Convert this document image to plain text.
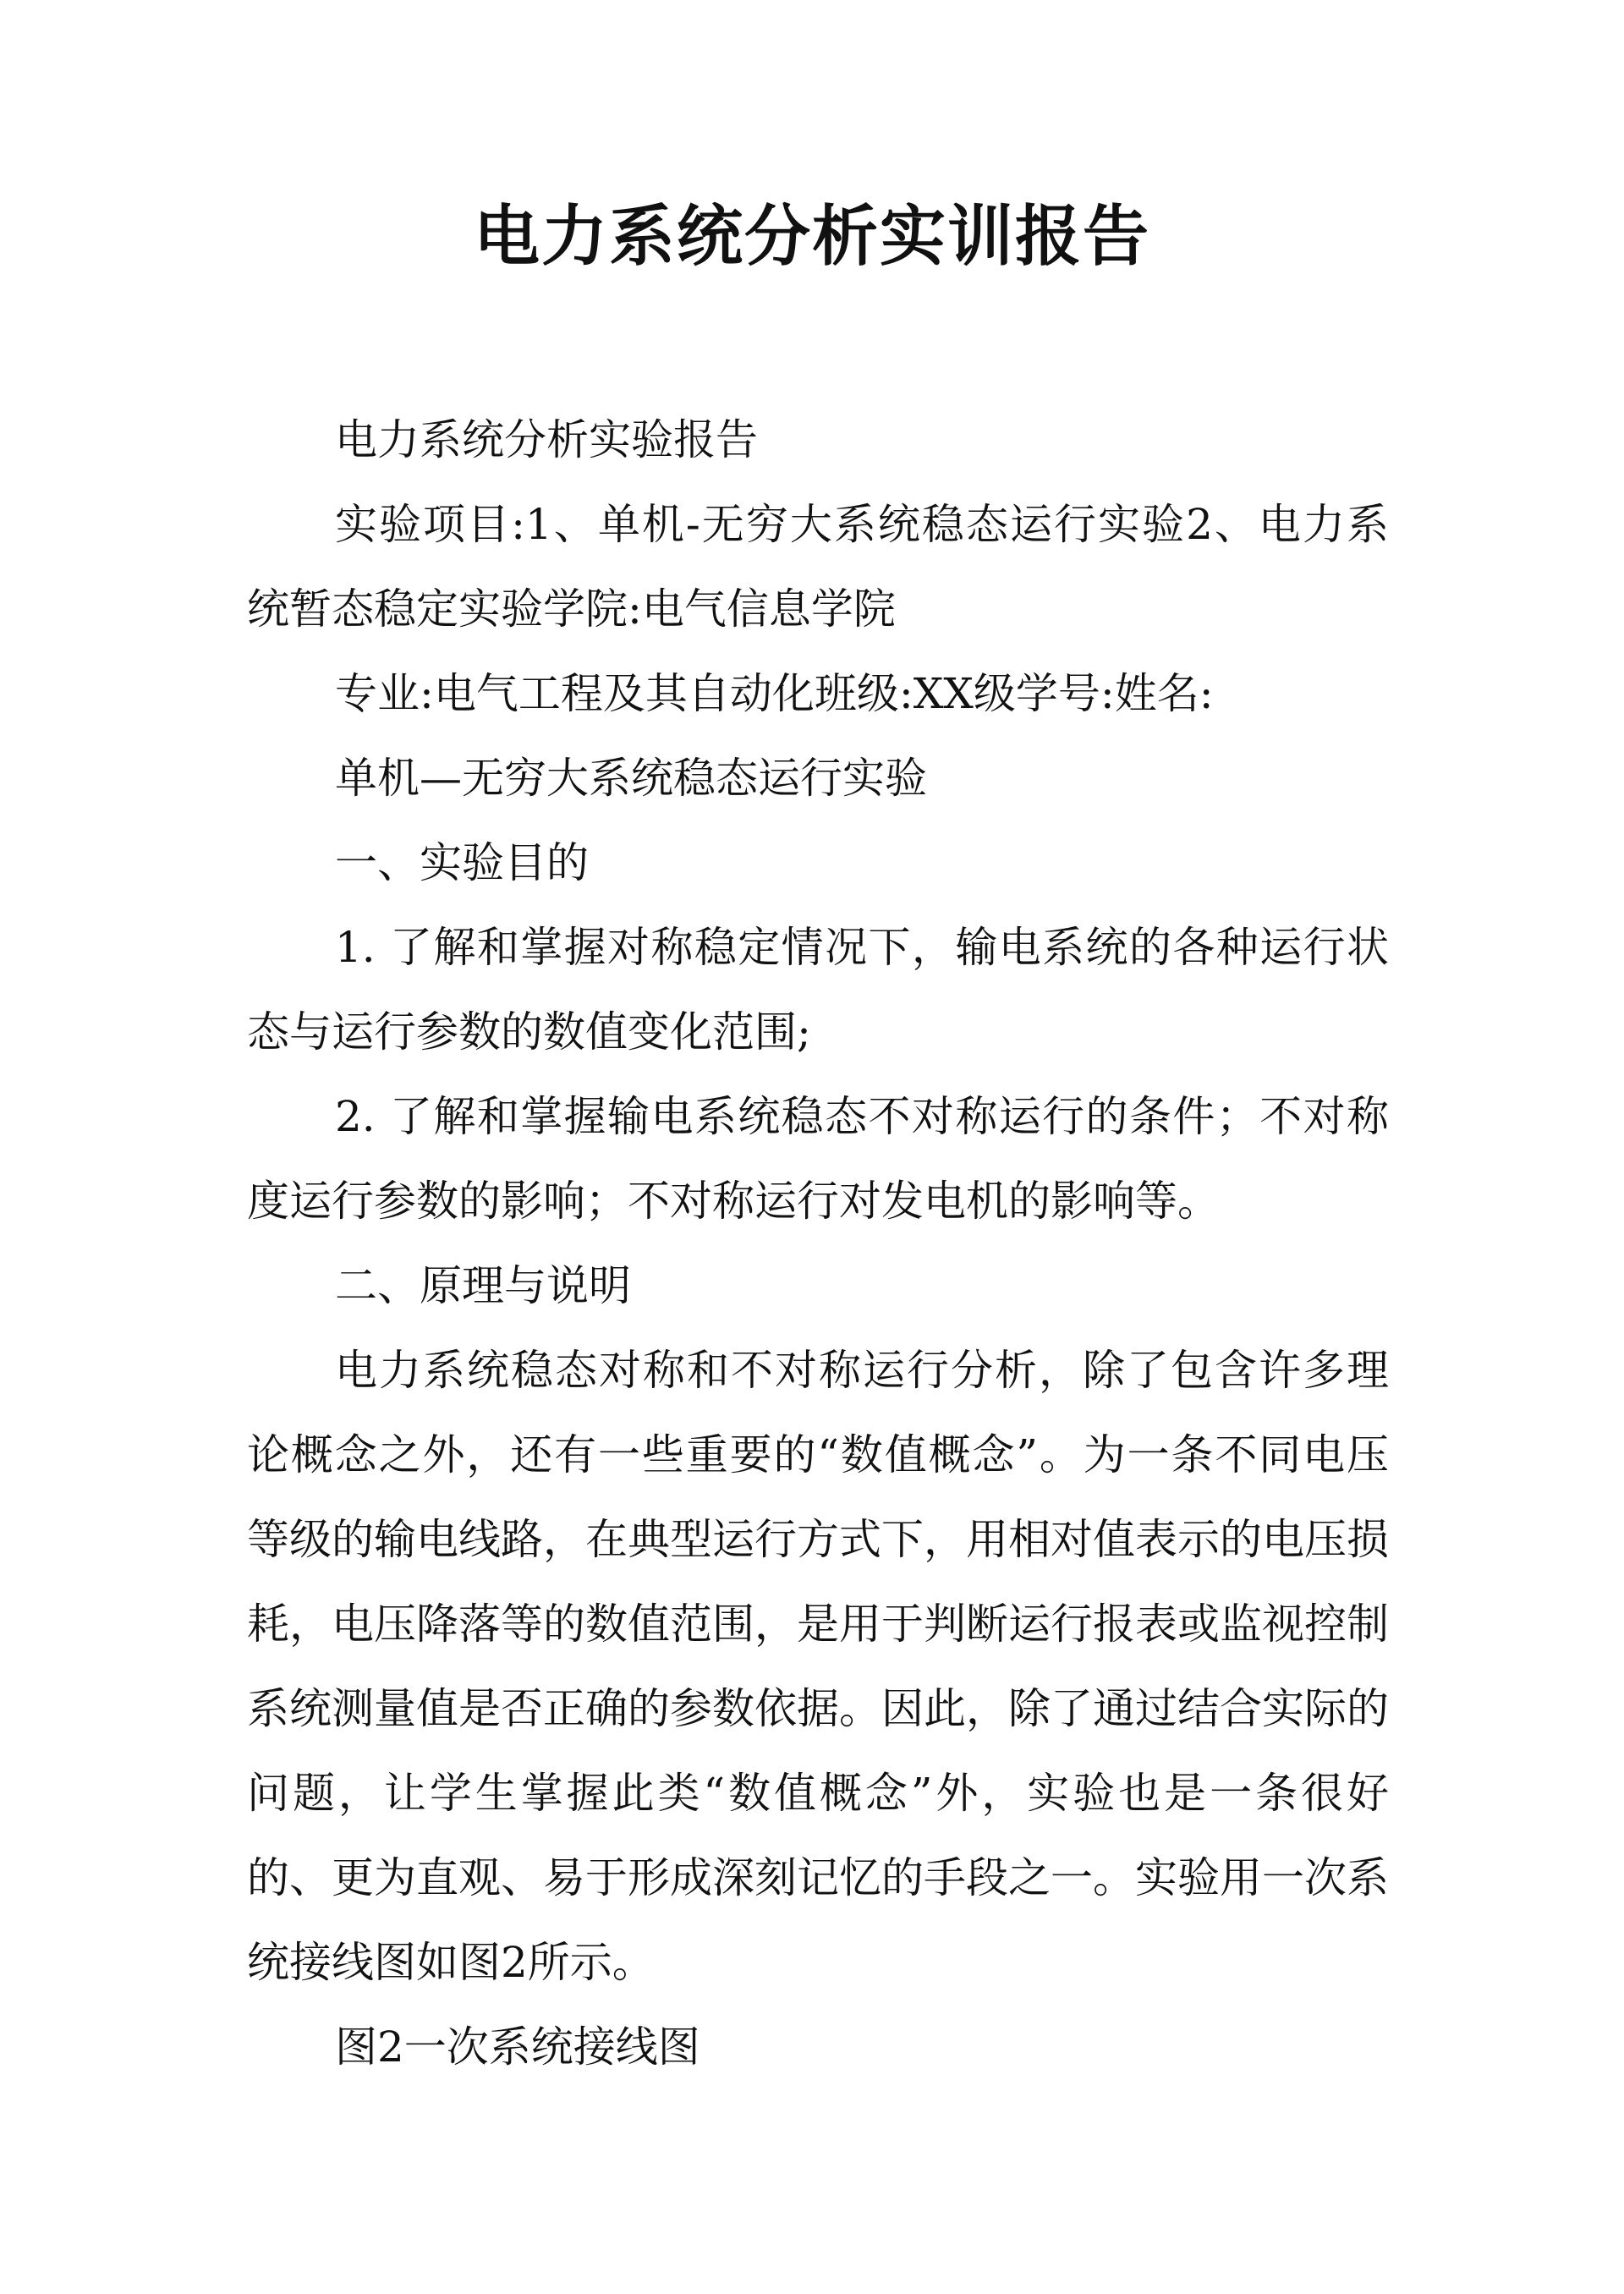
电力系统分析实训报告

电力系统分析实验报告

实验项目:1、单机-无穷大系统稳态运行实验2、电力系统暂态稳定实验学院:电气信息学院

专业:电气工程及其自动化班级:XX级学号:姓名:

单机—无穷大系统稳态运行实验

一、实验目的

1. 了解和掌握对称稳定情况下，输电系统的各种运行状态与运行参数的数值变化范围;

2. 了解和掌握输电系统稳态不对称运行的条件；不对称度运行参数的影响；不对称运行对发电机的影响等。

二、原理与说明

电力系统稳态对称和不对称运行分析，除了包含许多理论概念之外，还有一些重要的“数值概念”。为一条不同电压等级的输电线路，在典型运行方式下，用相对值表示的电压损耗，电压降落等的数值范围，是用于判断运行报表或监视控制系统测量值是否正确的参数依据。因此，除了通过结合实际的问题，让学生掌握此类“数值概念”外，实验也是一条很好的、更为直观、易于形成深刻记忆的手段之一。实验用一次系统接线图如图2所示。

图2一次系统接线图
